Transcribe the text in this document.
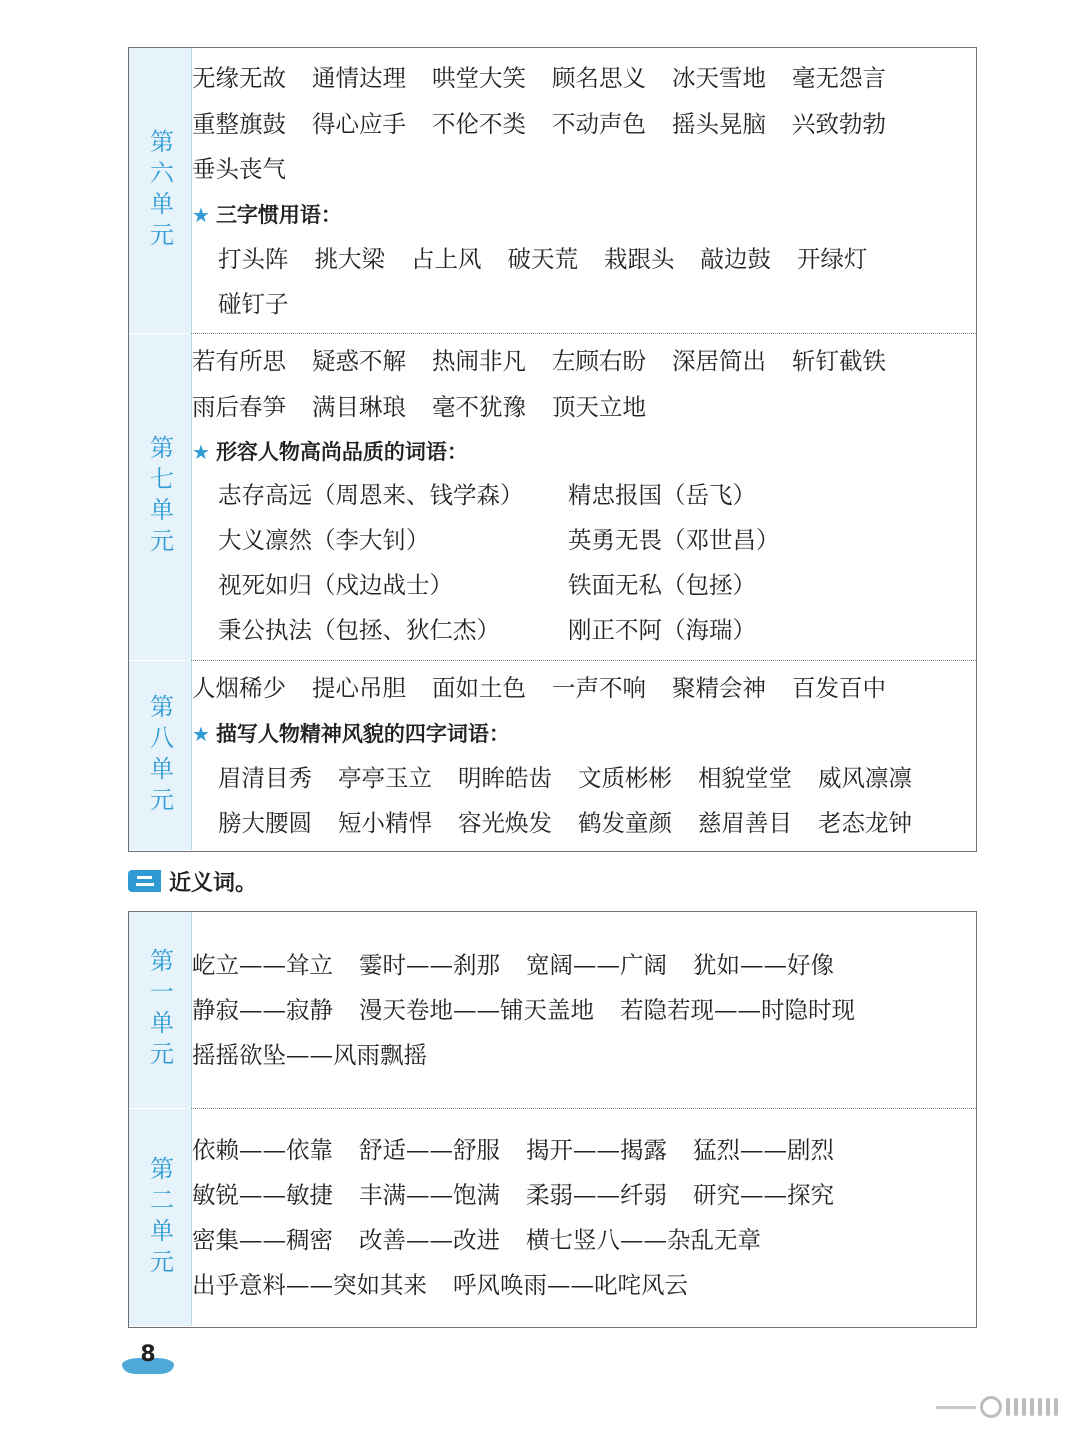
第六单元
无缘无故 通情达理 哄堂大笑 顾名思义 冰天雪地 毫无怨言
重整旗鼓 得心应手 不伦不类 不动声色 摇头晃脑 兴致勃勃
垂头丧气
★ 三字惯用语：
打头阵 挑大梁 占上风 破天荒 栽跟头 敲边鼓 开绿灯
碰钉子
第七单元
若有所思 疑惑不解 热闹非凡 左顾右盼 深居简出 斩钉截铁
雨后春笋 满目琳琅 毫不犹豫 顶天立地
★ 形容人物高尚品质的词语：
志存高远（周恩来、钱学森） 精忠报国（岳飞）
大义凛然（李大钊）	英勇无畏（邓世昌）
视死如归（戍边战士）	铁面无私（包拯）
秉公执法（包拯、狄仁杰）	刚正不阿（海瑞）
第八单元
人烟稀少 提心吊胆 面如土色 一声不响 聚精会神 百发百中
★ 描写人物精神风貌的四字词语：
眉清目秀 亭亭玉立 明眸皓齿 文质彬彬 相貌堂堂 威风凛凛
膀大腰圆 短小精悍 容光焕发 鹤发童颜 慈眉善目 老态龙钟
近义词。
第一单元 屹立——耸立 霎时——刹那 宽阔——广阔 犹如——好像
静寂——寂静 漫天卷地——铺天盖地 若隐若现——时隐时现
摇摇欲坠——风雨飘摇
第二单元
依赖——依靠 舒适——舒服 揭开——揭露 猛烈——剧烈
敏锐——敏捷 丰满——饱满 柔弱——纤弱 研究——探究
密集——稠密 改善——改进 横七竖八——杂乱无章
出乎意料——突如其来 呼风唤雨——叱咤风云
8
